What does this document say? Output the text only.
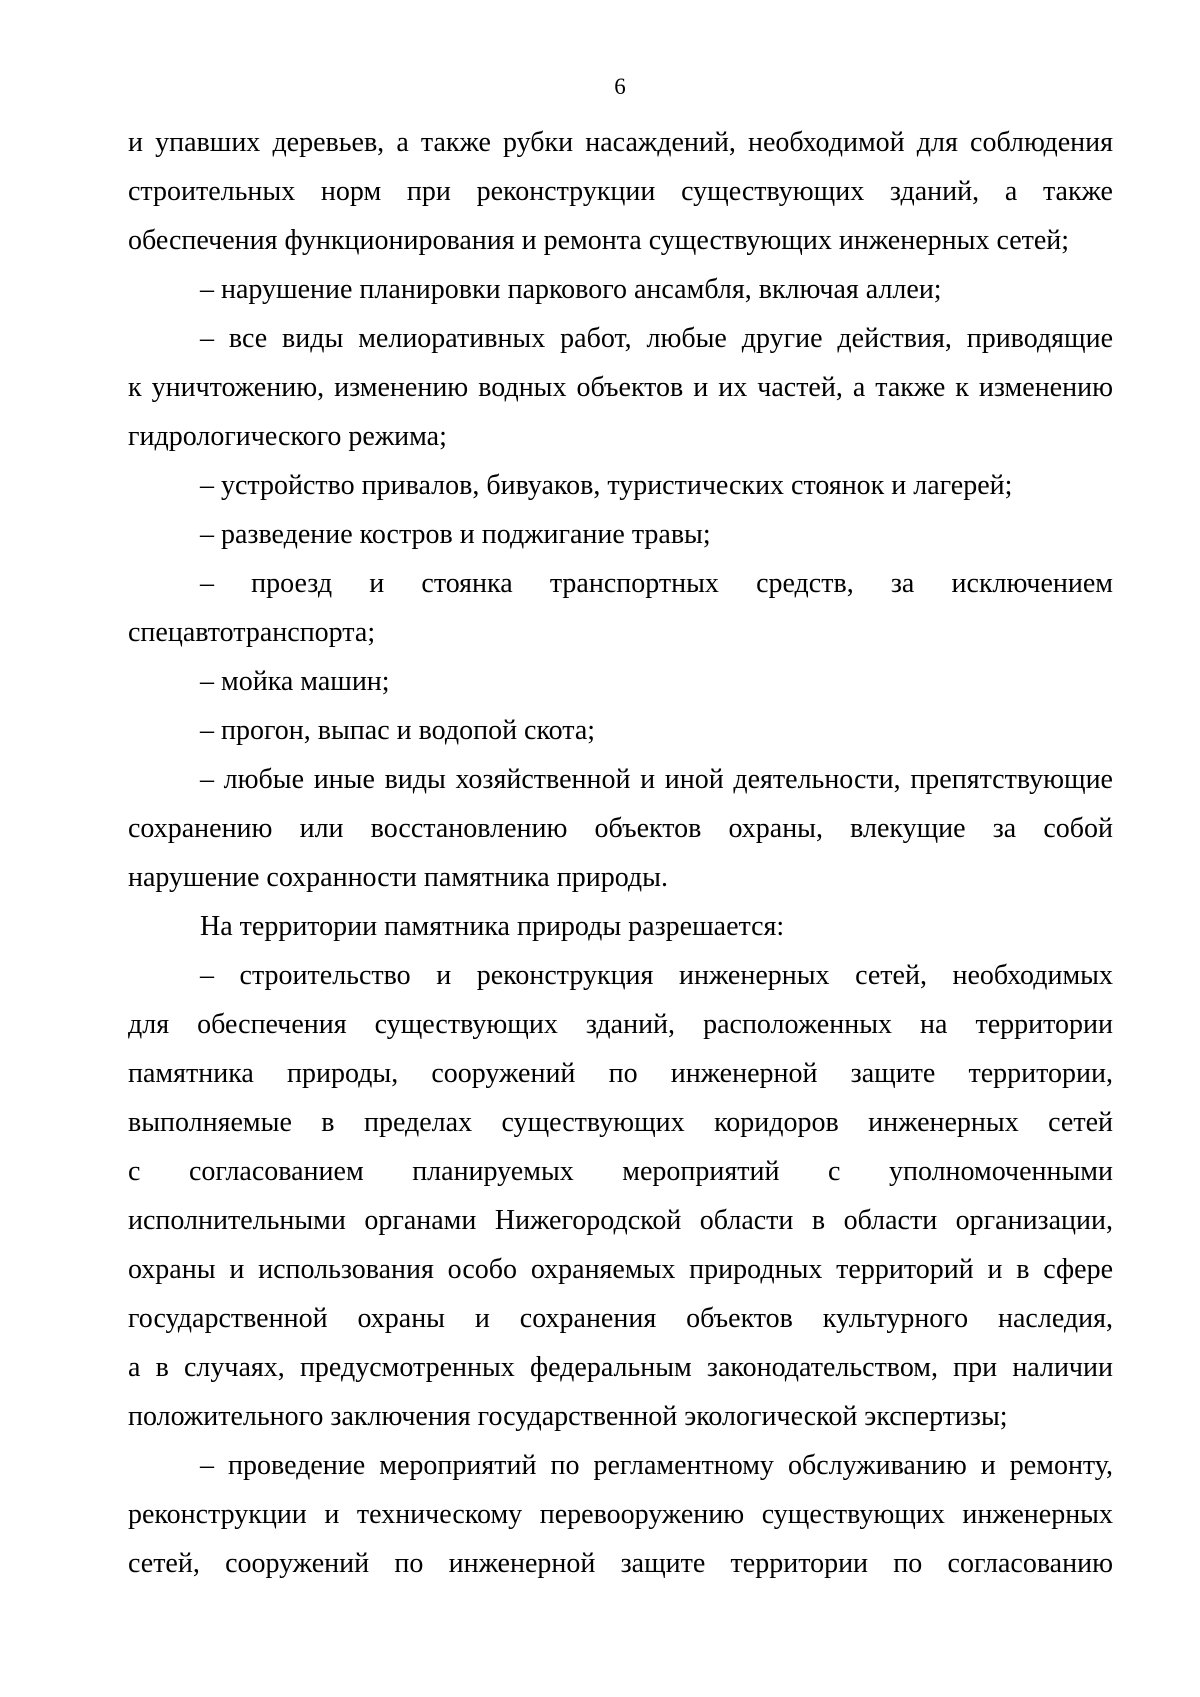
6
и упавших деревьев, а также рубки насаждений, необходимой для соблюдения
строительных норм при реконструкции существующих зданий, а также
обеспечения функционирования и ремонта существующих инженерных сетей;
– нарушение планировки паркового ансамбля, включая аллеи;
– все виды мелиоративных работ, любые другие действия, приводящие
к уничтожению, изменению водных объектов и их частей, а также к изменению
гидрологического режима;
– устройство привалов, бивуаков, туристических стоянок и лагерей;
– разведение костров и поджигание травы;
– проезд и стоянка транспортных средств, за исключением
спецавтотранспорта;
– мойка машин;
– прогон, выпас и водопой скота;
– любые иные виды хозяйственной и иной деятельности, препятствующие
сохранению или восстановлению объектов охраны, влекущие за собой
нарушение сохранности памятника природы.
На территории памятника природы разрешается:
– строительство и реконструкция инженерных сетей, необходимых
для обеспечения существующих зданий, расположенных на территории
памятника природы, сооружений по инженерной защите территории,
выполняемые в пределах существующих коридоров инженерных сетей
с согласованием планируемых мероприятий с уполномоченными
исполнительными органами Нижегородской области в области организации,
охраны и использования особо охраняемых природных территорий и в сфере
государственной охраны и сохранения объектов культурного наследия,
а в случаях, предусмотренных федеральным законодательством, при наличии
положительного заключения государственной экологической экспертизы;
– проведение мероприятий по регламентному обслуживанию и ремонту,
реконструкции и техническому перевооружению существующих инженерных
сетей, сооружений по инженерной защите территории по согласованию
